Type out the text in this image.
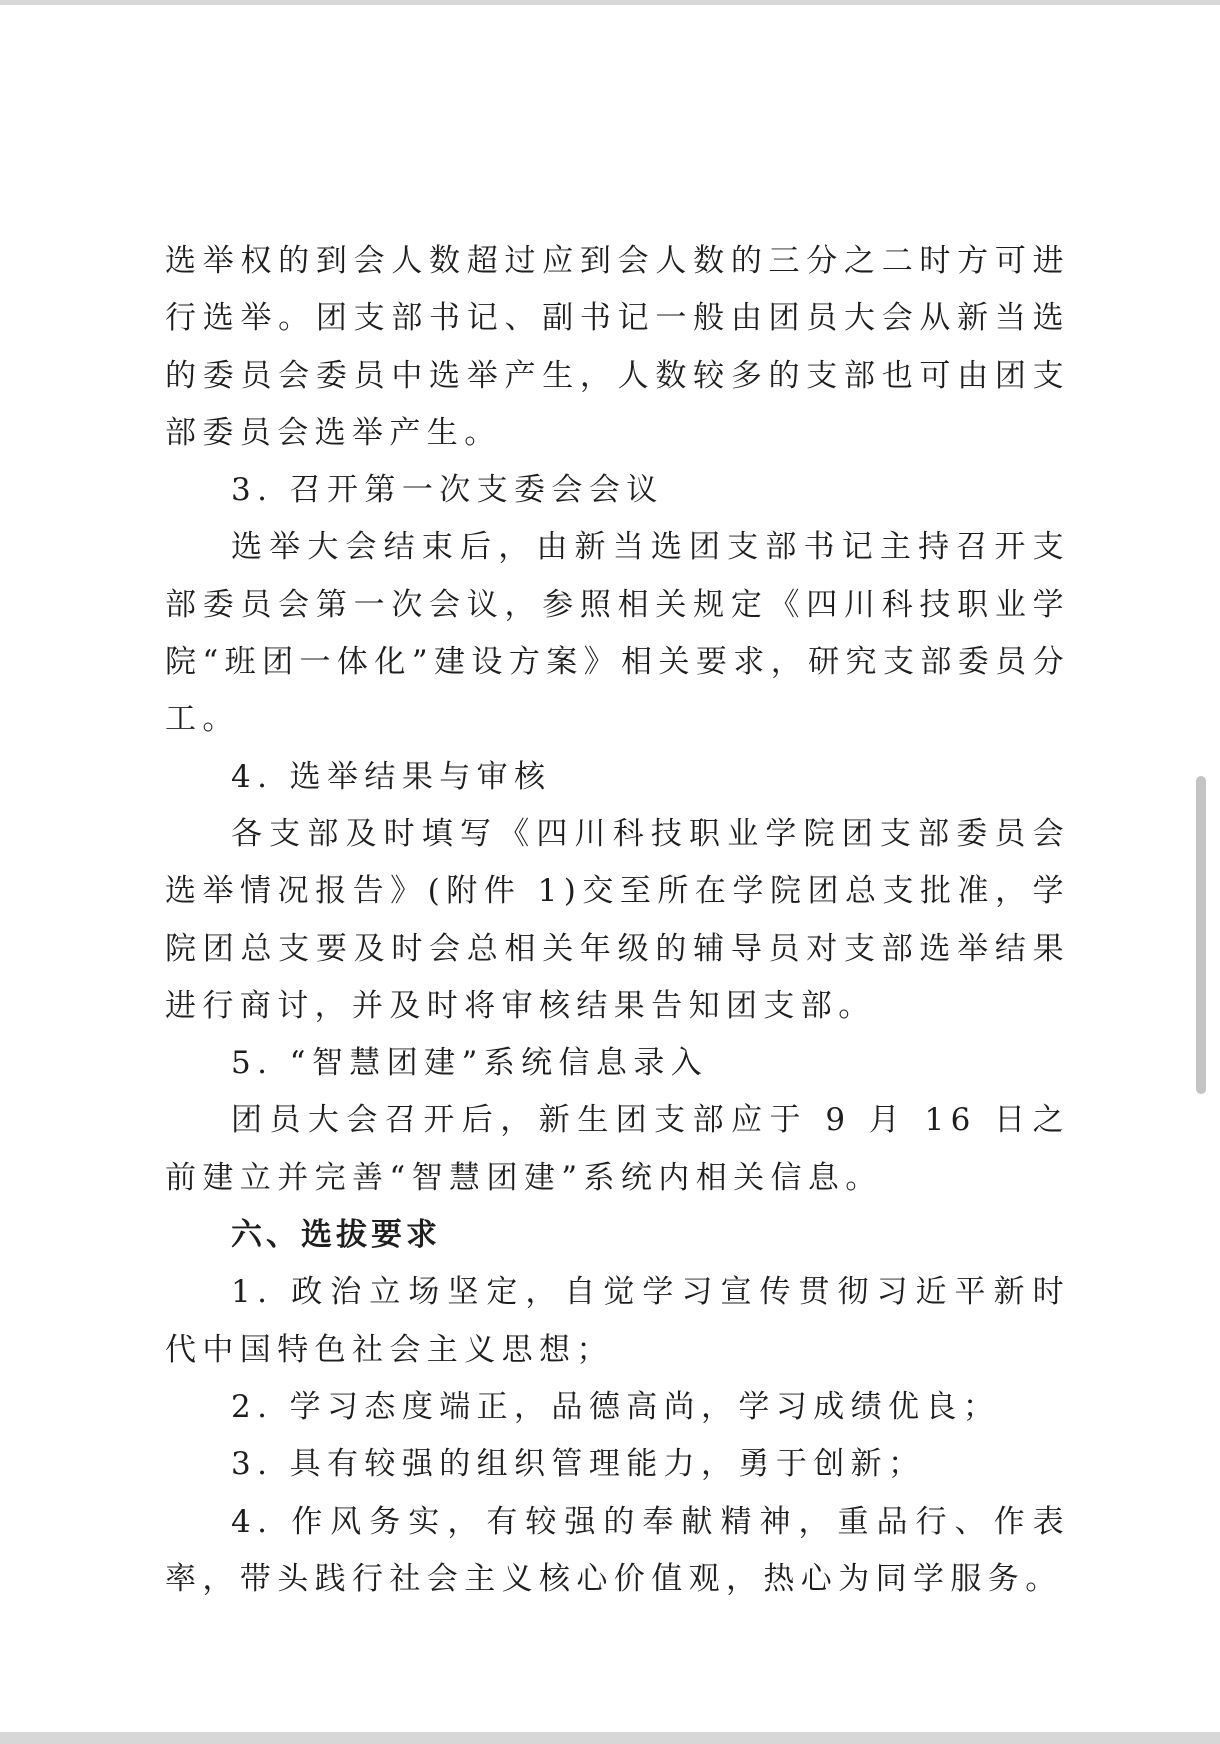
选举权的到会人数超过应到会人数的三分之二时方可进行选举。团支部书记、副书记一般由团员大会从新当选的委员会委员中选举产生，人数较多的支部也可由团支部委员会选举产生。

3. 召开第一次支委会会议

选举大会结束后，由新当选团支部书记主持召开支部委员会第一次会议，参照相关规定《四川科技职业学院“班团一体化”建设方案》相关要求，研究支部委员分工。

4. 选举结果与审核

各支部及时填写《四川科技职业学院团支部委员会选举情况报告》(附件 1)交至所在学院团总支批准，学院团总支要及时会总相关年级的辅导员对支部选举结果进行商讨，并及时将审核结果告知团支部。

5. “智慧团建”系统信息录入

团员大会召开后，新生团支部应于 9 月 16 日之前建立并完善“智慧团建”系统内相关信息。

六、选拔要求

1. 政治立场坚定，自觉学习宣传贯彻习近平新时代中国特色社会主义思想；

2. 学习态度端正，品德高尚，学习成绩优良；

3. 具有较强的组织管理能力，勇于创新；

4. 作风务实，有较强的奉献精神，重品行、作表率，带头践行社会主义核心价值观，热心为同学服务。
